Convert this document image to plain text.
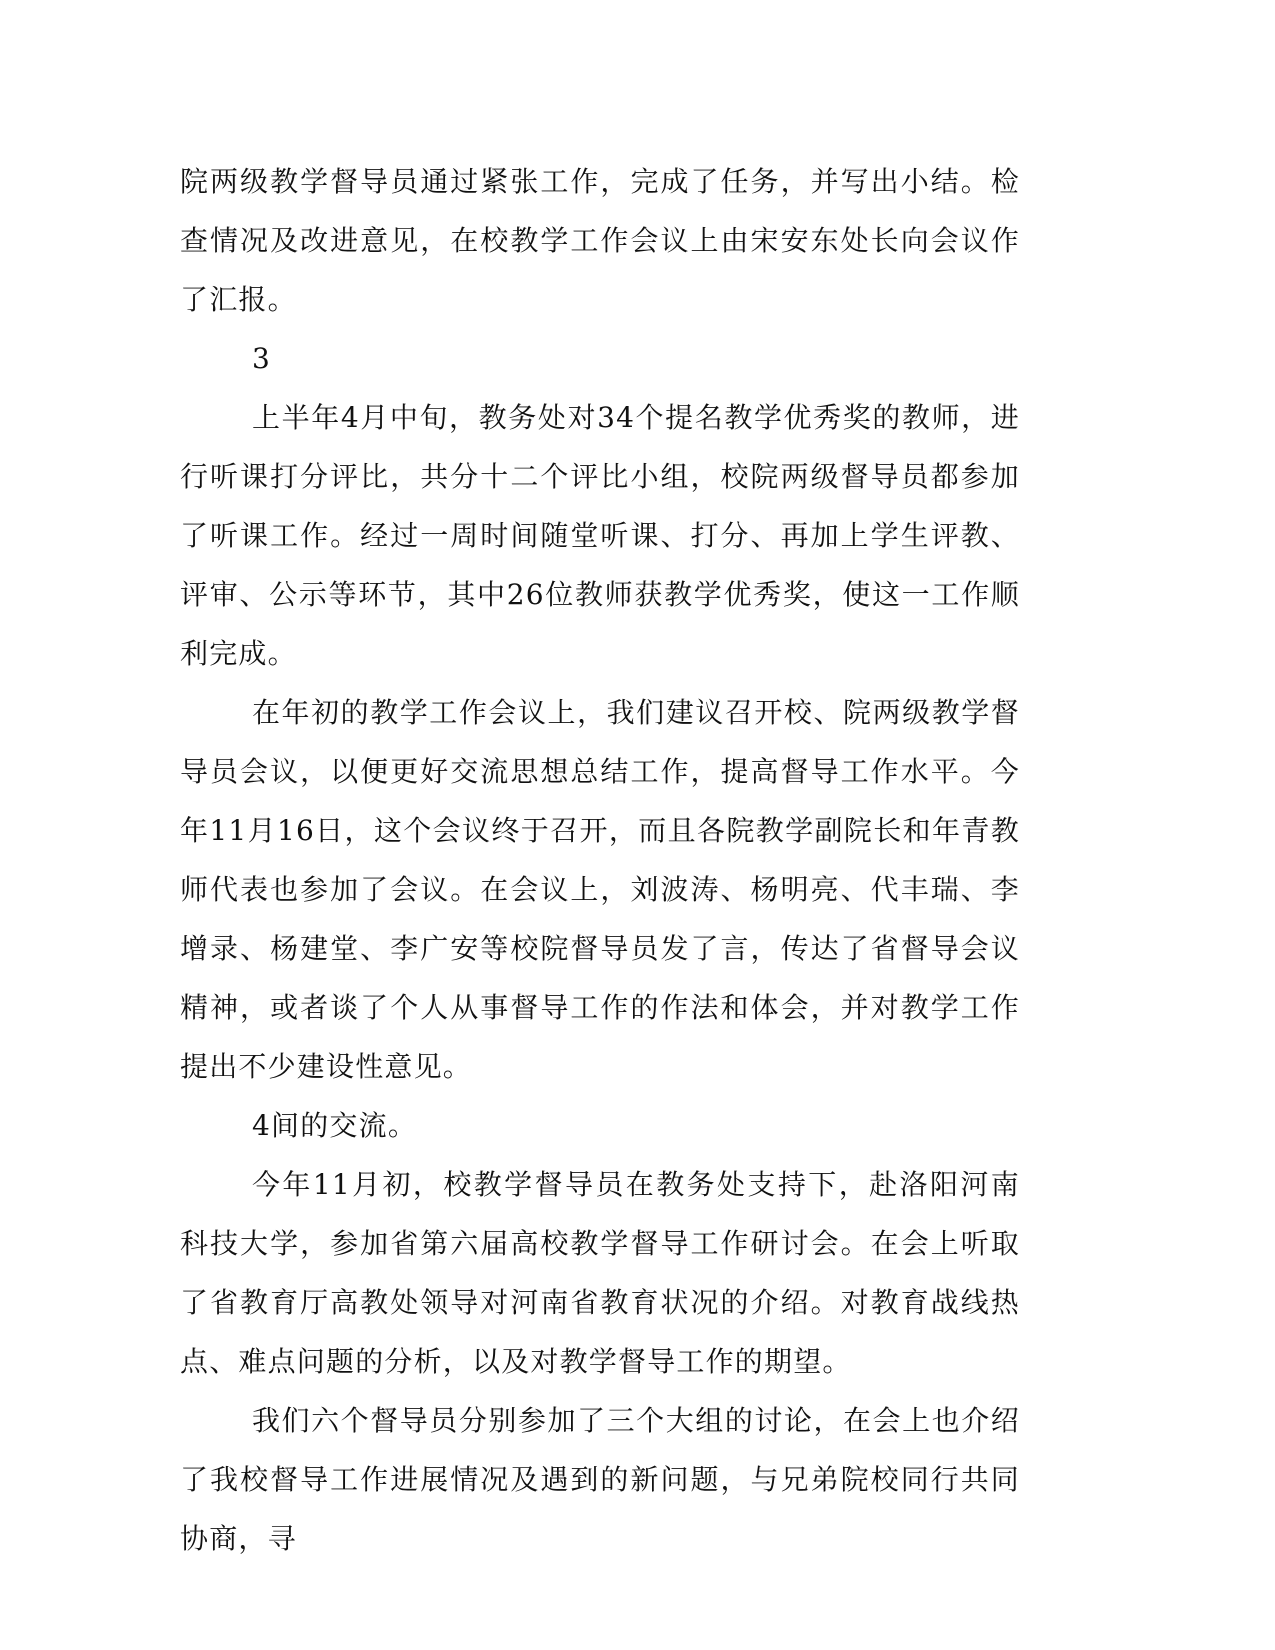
院两级教学督导员通过紧张工作，完成了任务，并写出小结。检查情况及改进意见，在校教学工作会议上由宋安东处长向会议作了汇报。

3

上半年4月中旬，教务处对34个提名教学优秀奖的教师，进行听课打分评比，共分十二个评比小组，校院两级督导员都参加了听课工作。经过一周时间随堂听课、打分、再加上学生评教、评审、公示等环节，其中26位教师获教学优秀奖，使这一工作顺利完成。

在年初的教学工作会议上，我们建议召开校、院两级教学督导员会议，以便更好交流思想总结工作，提高督导工作水平。今年11月16日，这个会议终于召开，而且各院教学副院长和年青教师代表也参加了会议。在会议上，刘波涛、杨明亮、代丰瑞、李增录、杨建堂、李广安等校院督导员发了言，传达了省督导会议精神，或者谈了个人从事督导工作的作法和体会，并对教学工作提出不少建设性意见。

4间的交流。

今年11月初，校教学督导员在教务处支持下，赴洛阳河南科技大学，参加省第六届高校教学督导工作研讨会。在会上听取了省教育厅高教处领导对河南省教育状况的介绍。对教育战线热点、难点问题的分析，以及对教学督导工作的期望。

我们六个督导员分别参加了三个大组的讨论，在会上也介绍了我校督导工作进展情况及遇到的新问题，与兄弟院校同行共同协商，寻
